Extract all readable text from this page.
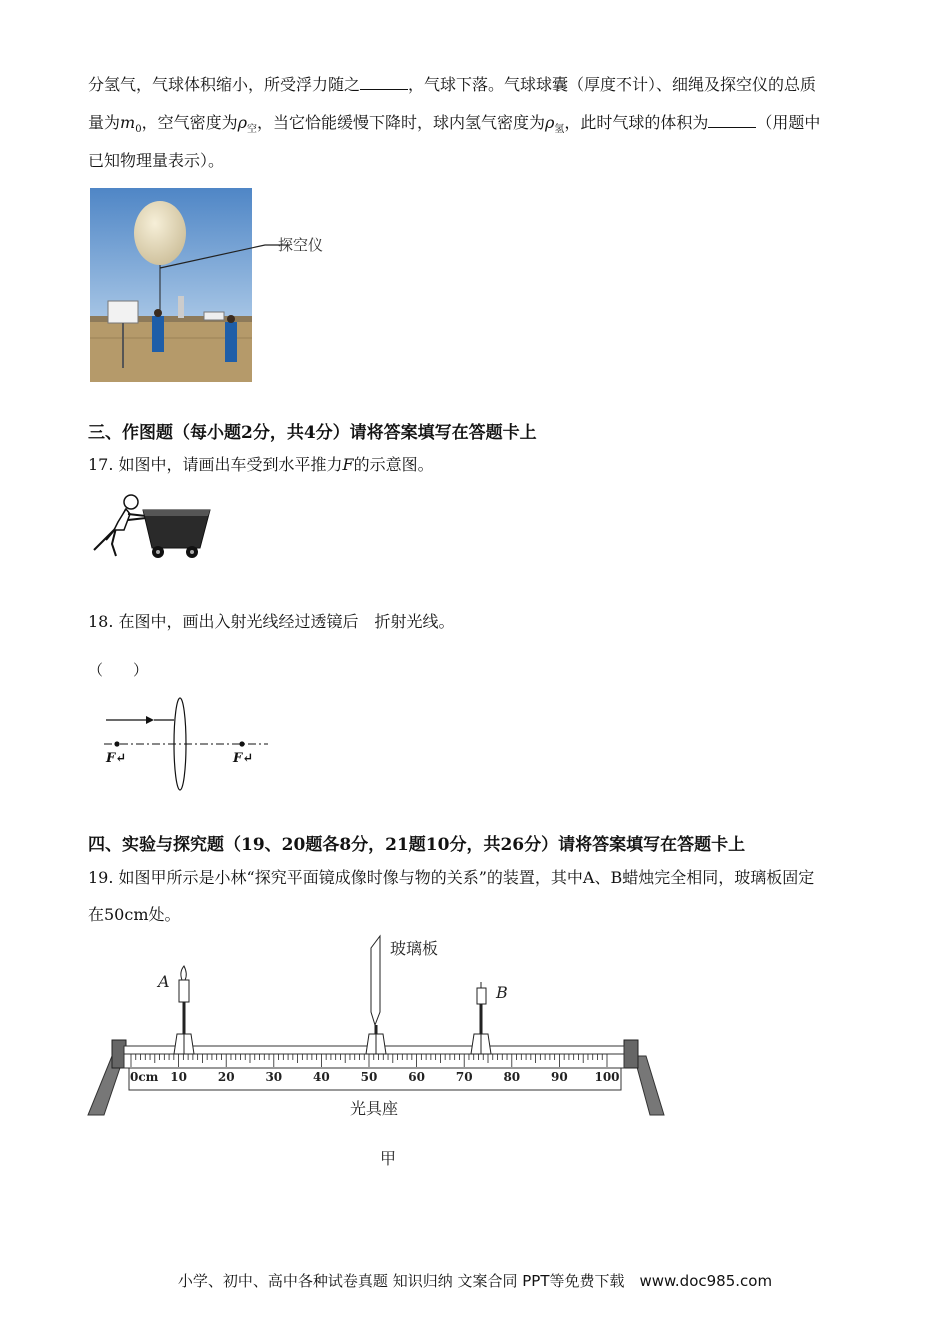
分氢气，气球体积缩小，所受浮力随之	，气球下落。气球球囊（厚度不计）、细绳及探空仪的总质
量为$m_0$，空气密度为$\rho_空$，当它恰能缓慢下降时，球内氢气密度为$\rho_氢$，此时气球的体积为	（用题中
已知物理量表示）。
探空仪
三、作图题（每小题2分，共4分）请将答案填写在答题卡上
17. 如图中，请画出车受到水平推力F的示意图。
18. 在图中，画出入射光线经过透镜后　折射光线。
（　　）
F↵	F↵
四、实验与探究题（19、20题各8分，21题10分，共26分）请将答案填写在答题卡上
19. 如图甲所示是小林“探究平面镜成像时像与物的关系”的装置，其中A、B蜡烛完全相同，玻璃板固定
在50cm处。
0cm 10	20	30	40	50	60	70	80	90 100
A
玻璃板
B
光具座
甲
小学、初中、高中各种试卷真题 知识归纳 文案合同 PPT等免费下载　www.doc985.com
